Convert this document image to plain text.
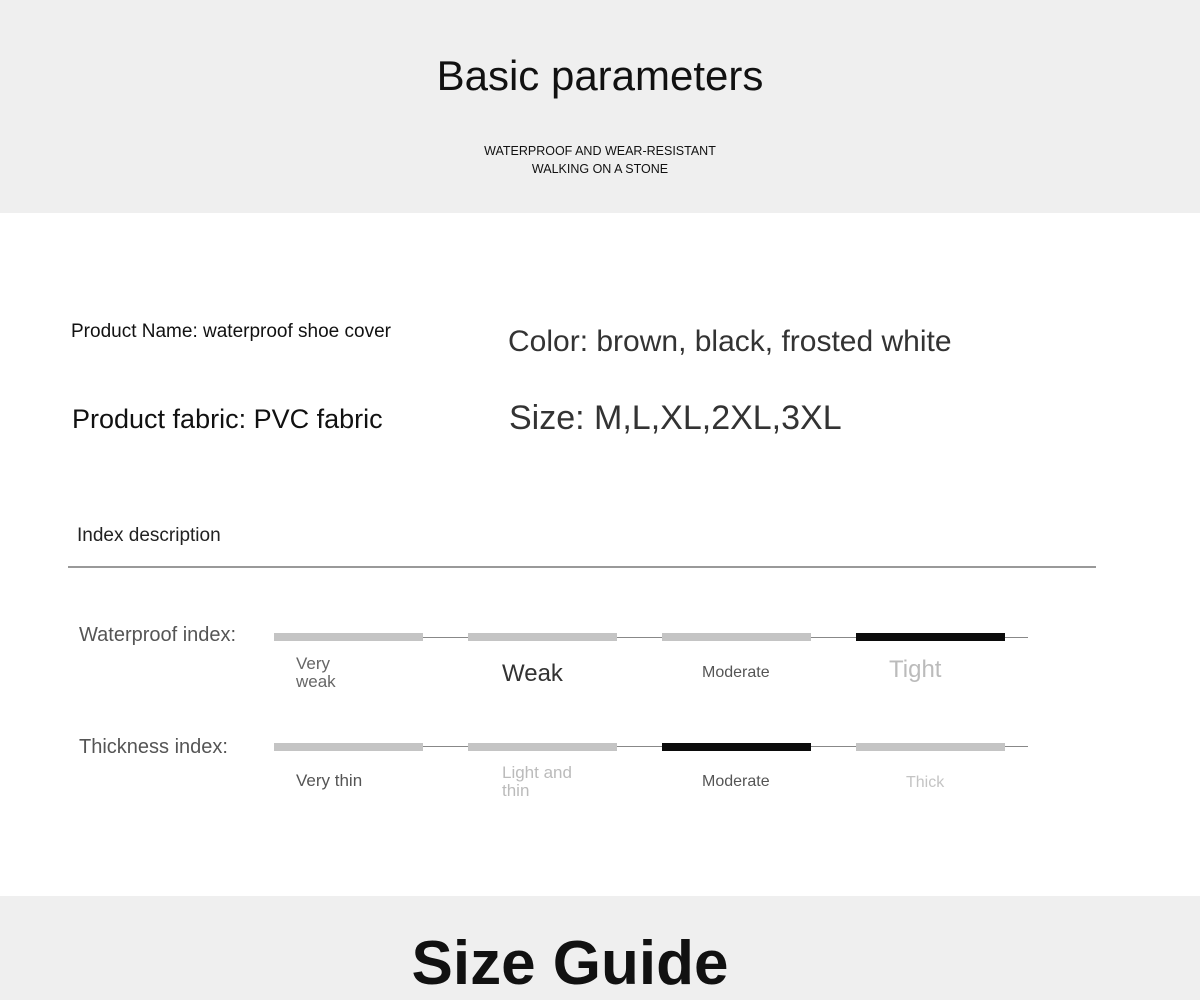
Basic parameters
WATERPROOF AND WEAR-RESISTANT
WALKING ON A STONE

Product Name: waterproof shoe cover	Color: brown, black, frosted white

Product fabric: PVC fabric	Size: M,L,XL,2XL,3XL

Index description

Waterproof index:

Very weak	Weak	Moderate	Tight

Thickness index:

Very thin	Light and thin	Moderate	Thick

Size Guide
